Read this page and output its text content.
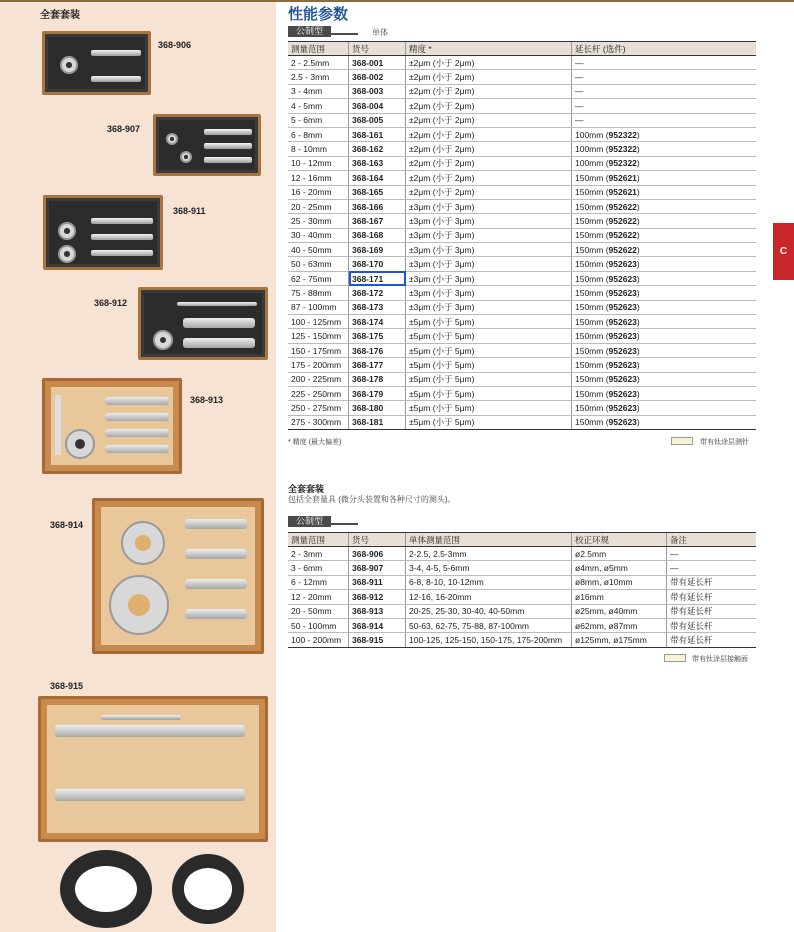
全套套装
368-906
368-907
368-911
368-912
368-913
368-914
368-915
性能参数
公制型	单体
测量范围	货号	精度 *	延长杆 (选件)
2 - 2.5mm	368-001	±2μm (小于 2μm)	—
2.5 - 3mm	368-002	±2μm (小于 2μm)	—
3 - 4mm	368-003	±2μm (小于 2μm)	—
4 - 5mm	368-004	±2μm (小于 2μm)	—
5 - 6mm	368-005	±2μm (小于 2μm)	—
6 - 8mm	368-161	±2μm (小于 2μm)	100mm (952322)
8 - 10mm	368-162	±2μm (小于 2μm)	100mm (952322)
10 - 12mm	368-163	±2μm (小于 2μm)	100mm (952322)
12 - 16mm	368-164	±2μm (小于 2μm)	150mm (952621)
16 - 20mm	368-165	±2μm (小于 2μm)	150mm (952621)
20 - 25mm	368-166	±3μm (小于 3μm)	150mm (952622)
25 - 30mm	368-167	±3μm (小于 3μm)	150mm (952622)
30 - 40mm	368-168	±3μm (小于 3μm)	150mm (952622)
40 - 50mm	368-169	±3μm (小于 3μm)	150mm (952622)
50 - 63mm	368-170	±3μm (小于 3μm)	150mm (952623)
62 - 75mm	368-171	±3μm (小于 3μm)	150mm (952623)
75 - 88mm	368-172	±3μm (小于 3μm)	150mm (952623)
87 - 100mm	368-173	±3μm (小于 3μm)	150mm (952623)
100 - 125mm	368-174	±5μm (小于 5μm)	150mm (952623)
125 - 150mm	368-175	±5μm (小于 5μm)	150mm (952623)
150 - 175mm	368-176	±5μm (小于 5μm)	150mm (952623)
175 - 200mm	368-177	±5μm (小于 5μm)	150mm (952623)
200 - 225mm	368-178	±5μm (小于 5μm)	150mm (952623)
225 - 250mm	368-179	±5μm (小于 5μm)	150mm (952623)
250 - 275mm	368-180	±5μm (小于 5μm)	150mm (952623)
275 - 300mm	368-181	±5μm (小于 5μm)	150mm (952623)
* 精度 (最大偏差)	带有钛涂层测针
全套套装
包括全套量具 (微分头装置和各种尺寸的测头)。
公制型
测量范围	货号	单体测量范围	校正环规	备注
2 - 3mm	368-906	2-2.5, 2.5-3mm	ø2.5mm	—
3 - 6mm	368-907	3-4, 4-5, 5-6mm	ø4mm, ø5mm	—
6 - 12mm	368-911	6-8, 8-10, 10-12mm	ø8mm, ø10mm	带有延长杆
12 - 20mm	368-912	12-16, 16-20mm	ø16mm	带有延长杆
20 - 50mm	368-913	20-25, 25-30, 30-40, 40-50mm	ø25mm, ø40mm	带有延长杆
50 - 100mm	368-914	50-63, 62-75, 75-88, 87-100mm	ø62mm, ø87mm	带有延长杆
100 - 200mm	368-915	100-125, 125-150, 150-175, 175-200mm	ø125mm, ø175mm	带有延长杆
带有钛涂层接触面
C
